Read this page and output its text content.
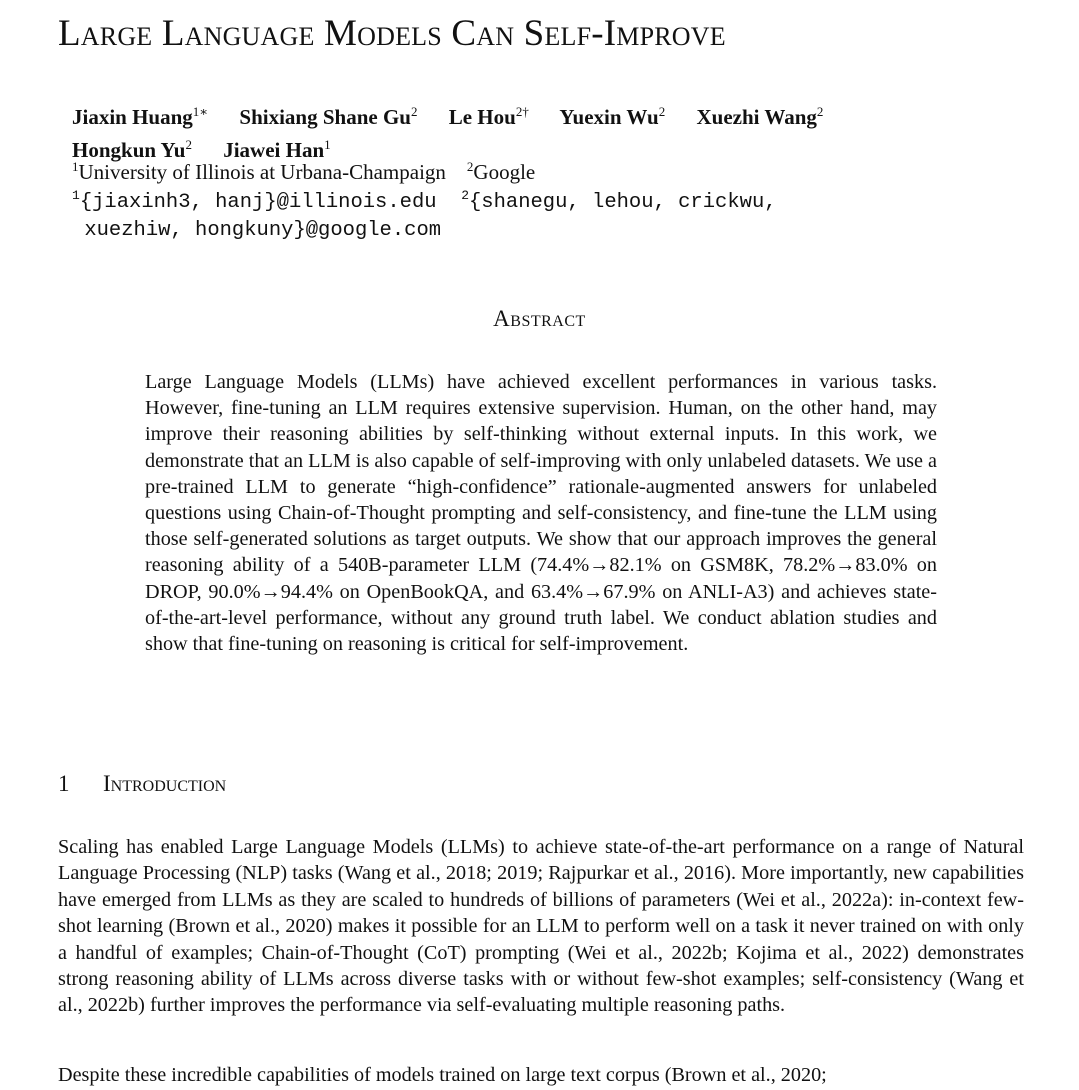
Large Language Models Can Self-Improve
Jiaxin Huang$^{1∗}$ Shixiang Shane Gu$^2$ Le Hou$^{2\dagger}$ Yuexin Wu$^2$ Xuezhi Wang$^2$
Hongkun Yu$^2$ Jiawei Han$^1$
$^1$University of Illinois at Urbana-Champaign $^2$Google
$^1${jiaxinh3, hanj}@illinois.edu $^2${shanegu, lehou, crickwu,
xuezhiw, hongkuny}@google.com
Abstract
Large Language Models (LLMs) have achieved excellent performances in various tasks. However, fine-tuning an LLM requires extensive supervision. Human, on the other hand, may improve their reasoning abilities by self-thinking without external inputs. In this work, we demonstrate that an LLM is also capable of self-improving with only unlabeled datasets. We use a pre-trained LLM to generate “high-confidence” rationale-augmented answers for unlabeled questions using Chain-of-Thought prompting and self-consistency, and fine-tune the LLM using those self-generated solutions as target outputs. We show that our approach improves the general reasoning ability of a 540B-parameter LLM (74.4%→82.1% on GSM8K, 78.2%→83.0% on DROP, 90.0%→94.4% on OpenBookQA, and 63.4%→67.9% on ANLI-A3) and achieves state-of-the-art-level performance, without any ground truth label. We conduct ablation studies and show that fine-tuning on reasoning is critical for self-improvement.
1 Introduction
Scaling has enabled Large Language Models (LLMs) to achieve state-of-the-art performance on a range of Natural Language Processing (NLP) tasks (Wang et al., 2018; 2019; Rajpurkar et al., 2016). More importantly, new capabilities have emerged from LLMs as they are scaled to hundreds of billions of parameters (Wei et al., 2022a): in-context few-shot learning (Brown et al., 2020) makes it possible for an LLM to perform well on a task it never trained on with only a handful of examples; Chain-of-Thought (CoT) prompting (Wei et al., 2022b; Kojima et al., 2022) demonstrates strong reasoning ability of LLMs across diverse tasks with or without few-shot examples; self-consistency (Wang et al., 2022b) further improves the performance via self-evaluating multiple reasoning paths.
Despite these incredible capabilities of models trained on large text corpus (Brown et al., 2020;
